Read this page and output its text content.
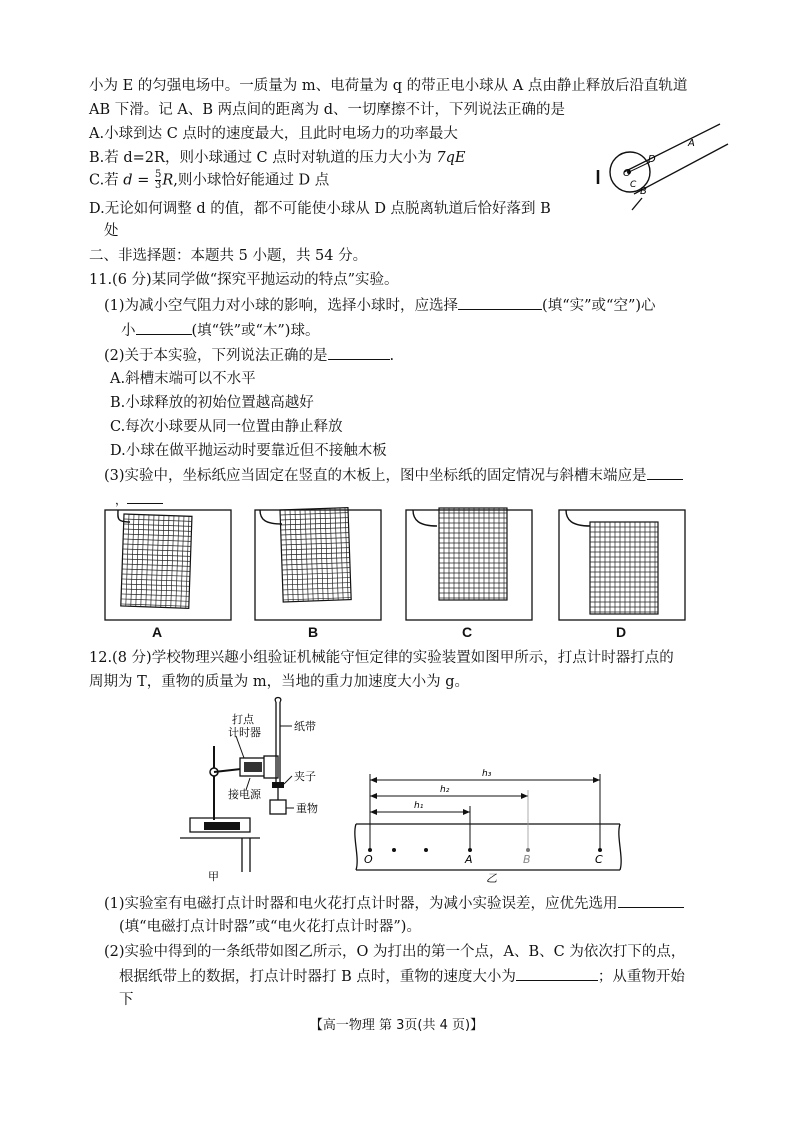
小为 E 的匀强电场中。一质量为 m、电荷量为 q 的带正电小球从 A 点由静止释放后沿直轨道
AB 下滑。记 A、B 两点间的距离为 d、一切摩擦不计，下列说法正确的是
A.小球到达 C 点时的速度最大，且此时电场力的功率最大
B.若 d=2R，则小球通过 C 点时对轨道的压力大小为 7qE
C.若 $d = \frac{5}{3} R$,则小球恰好能通过 D 点
D.无论如何调整 d 的值，都不可能使小球从 D 点脱离轨道后恰好落到 B
处
A
D
O
B
C
二、非选择题：本题共 5 小题，共 54 分。
11.(6 分)某同学做“探究平抛运动的特点”实验。
(1)为减小空气阻力对小球的影响，选择小球时，应选择	(填“实”或“空”)心
小	(填“铁”或“木”)球。
(2)关于本实验，下列说法正确的是	.
A.斜槽末端可以不水平
B.小球释放的初始位置越高越好
C.每次小球要从同一位置由静止释放
D.小球在做平抛运动时要靠近但不接触木板
(3)实验中，坐标纸应当固定在竖直的木板上，图中坐标纸的固定情况与斜槽末端应是
，
A	B	C	D
12.(8 分)学校物理兴趣小组验证机械能守恒定律的实验装置如图甲所示，打点计时器打点的
周期为 T，重物的质量为 m，当地的重力加速度大小为 g。
打点
计时器	纸带
夹子
接电源
重物
甲
h₃
h₂
h₁
O	A	B	C
乙
(1)实验室有电磁打点计时器和电火花打点计时器，为减小实验误差，应优先选用
(填“电磁打点计时器”或“电火花打点计时器”)。
(2)实验中得到的一条纸带如图乙所示，O 为打出的第一个点，A、B、C 为依次打下的点，
根据纸带上的数据，打点计时器打 B 点时，重物的速度大小为	；从重物开始
下
【高一物理 第 3页(共 4 页)】
